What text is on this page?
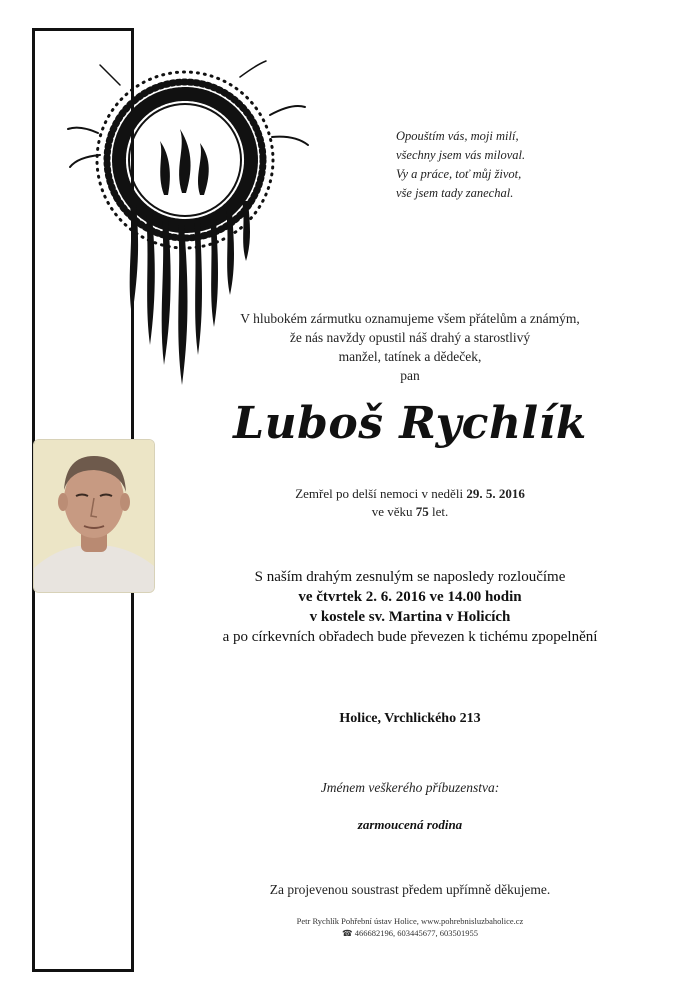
Opouštím vás, moji milí,
všechny jsem vás miloval.
Vy a práce, toť můj život,
vše jsem tady zanechal.
V hlubokém zármutku oznamujeme všem přátelům a známým,
že nás navždy opustil náš drahý a starostlivý
manžel, tatínek a dědeček,
pan
Luboš Rychlík
Zemřel po delší nemoci v neděli 29. 5. 2016
ve věku 75 let.
S naším drahým zesnulým se naposledy rozloučíme
ve čtvrtek 2. 6. 2016 ve 14.00 hodin
v kostele sv. Martina v Holicích
a po církevních obřadech bude převezen k tichému zpopelnění
Holice, Vrchlického 213
Jménem veškerého příbuzenstva:
zarmoucená rodina
Za projevenou soustrast předem upřímně děkujeme.
Petr Rychlík Pohřební ústav Holice, www.pohrebnisluzbaholice.cz
☎ 466682196, 603445677, 603501955
